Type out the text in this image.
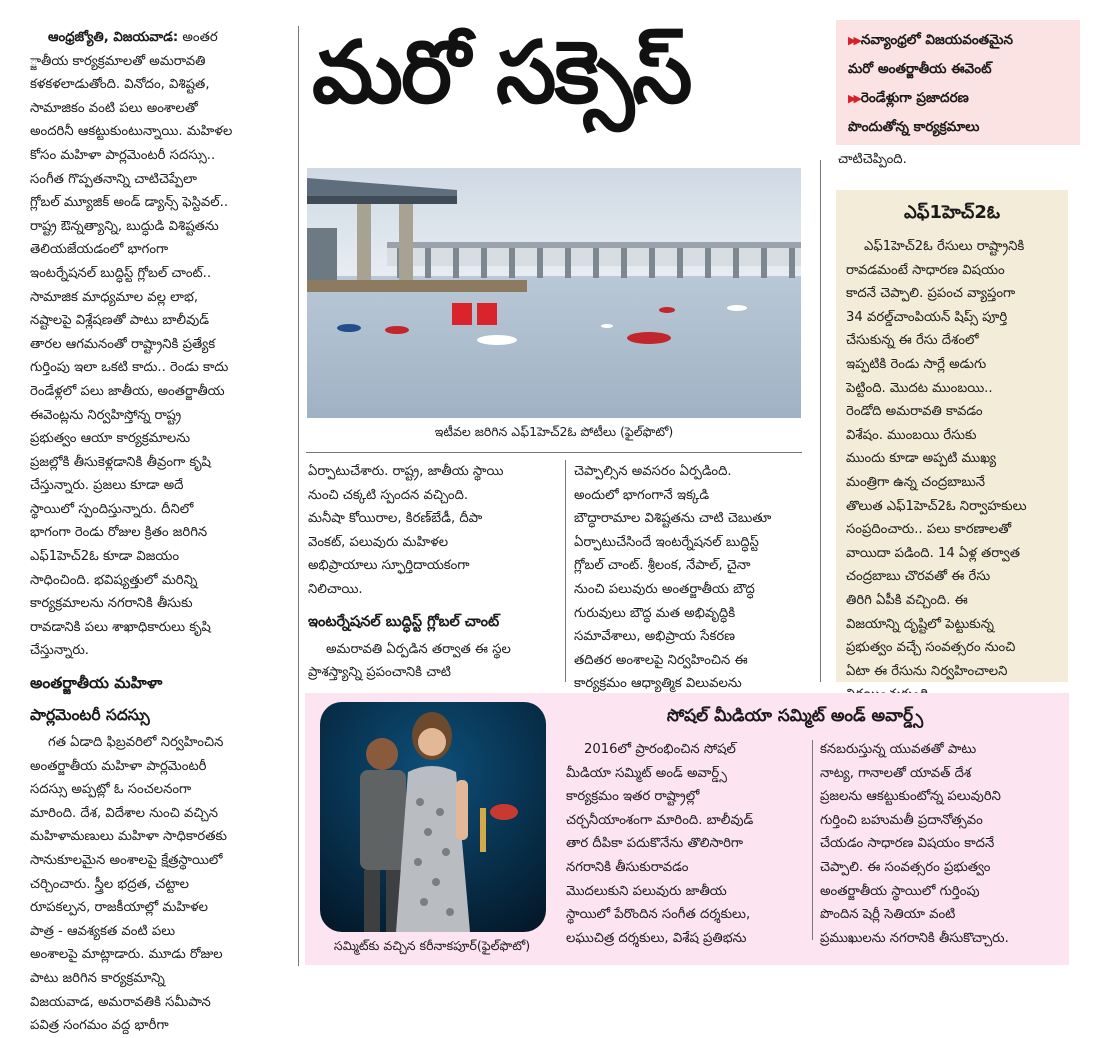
మరో సక్సెస్	▶▶ నవ్యాంధ్రలో విజయవంతమైన
మరో అంతర్జాతీయ ఈవెంట్
▶▶ రెండేళ్లుగా ప్రజాదరణ
పొందుతోన్న కార్యక్రమాలు
ఆంధ్రజ్యోతి, విజయవాడ: అంతర
్జాతీయ కార్యక్రమాలతో అమరావతి
కళకళలాడుతోంది. వినోదం, విశిష్టత,
సామాజికం వంటి పలు అంశాలతో
అందరినీ ఆకట్టుకుంటున్నాయి. మహిళల
కోసం మహిళా పార్లమెంటరీ సదస్సు..
సంగీత గొప్పతనాన్ని చాటిచెప్పేలా
గ్లోబల్ మ్యూజిక్ అండ్ డ్యాన్స్ ఫెస్టివల్..
రాష్ట్ర ఔన్నత్యాన్ని, బుద్ధుడి విశిష్టతను
తెలియజేయడంలో భాగంగా
ఇంటర్నేషనల్ బుద్ధిస్ట్ గ్లోబల్ చాంట్..
సామాజిక మాధ్యమాల వల్ల లాభ,
నష్టాలపై విశ్లేషణతో పాటు బాలీవుడ్
తారల ఆగమనంతో రాష్ట్రానికి ప్రత్యేక
గుర్తింపు ఇలా ఒకటి కాదు.. రెండు కాదు
రెండేళ్లలో పలు జాతీయ, అంతర్జాతీయ
ఈవెంట్లను నిర్వహిస్తోన్న రాష్ట్ర
ప్రభుత్వం ఆయా కార్యక్రమాలను
ప్రజల్లోకి తీసుకెళ్లడానికి తీవ్రంగా కృషి
చేస్తున్నారు. ప్రజలు కూడా అదే
స్థాయిలో స్పందిస్తున్నారు. దీనిలో
భాగంగా రెండు రోజుల క్రితం జరిగిన
ఎఫ్‌1హెచ్‌2ఓ కూడా విజయం
సాధించింది. భవిష్యత్తులో మరిన్ని
కార్యక్రమాలను నగరానికి తీసుకు
రావడానికి పలు శాఖాధికారులు కృషి
చేస్తున్నారు.
అంతర్జాతీయ మహిళా
పార్లమెంటరీ సదస్సు
గత ఏడాది ఫిబ్రవరిలో నిర్వహించిన
అంతర్జాతీయ మహిళా పార్లమెంటరీ
సదస్సు అప్పట్లో ఓ సంచలనంగా
మారింది. దేశ, విదేశాల నుంచి వచ్చిన
మహిళామణులు మహిళా సాధికారతకు
సానుకూలమైన అంశాలపై క్షేత్రస్థాయిలో
చర్చించారు. స్త్రీల భద్రత, చట్టాల
రూపకల్పన, రాజకీయాల్లో మహిళల
పాత్ర - ఆవశ్యకత వంటి పలు
అంశాలపై మాట్లాడారు. మూడు రోజుల
పాటు జరిగిన కార్యక్రమాన్ని
విజయవాడ, అమరావతికి సమీపాన
పవిత్ర సంగమం వద్ద భారీగా
ఇటీవల జరిగిన ఎఫ్‌1హెచ్‌2ఓ పోటీలు (ఫైల్‌ఫొటో)
ఏర్పాటుచేశారు. రాష్ట్ర, జాతీయ స్థాయి
నుంచి చక్కటి స్పందన వచ్చింది.
మనీషా కోయిరాల, కిరణ్‌బేడీ, దీపా
వెంకట్‌, పలువురు మహిళల
అభిప్రాయాలు స్ఫూర్తిదాయకంగా
నిలిచాయి.
ఇంటర్నేషనల్‌ బుద్ధిస్ట్‌ గ్లోబల్‌ చాంట్‌
అమరావతి ఏర్పడిన తర్వాత ఈ స్థల
ప్రాశస్త్యాన్ని ప్రపంచానికి చాటి
చెప్పాల్సిన అవసరం ఏర్పడింది.
అందులో భాగంగానే ఇక్కడి
బౌద్ధారామాల విశిష్టతను చాటి చెబుతూ
ఏర్పాటుచేసిందే ఇంటర్నేషనల్‌ బుద్ధిస్ట్‌
గ్లోబల్‌ చాంట్‌. శ్రీలంక, నేపాల్‌, చైనా
నుంచి పలువురు అంతర్జాతీయ బౌద్ధ
గురువులు బౌద్ధ మత అభివృద్ధికి
సమావేశాలు, అభిప్రాయ సేకరణ
తదితర అంశాలపై నిర్వహించిన ఈ
కార్యక్రమం ఆధ్యాత్మిక విలువలను
చాటిచెప్పింది.
ఎఫ్‌1హెచ్‌2ఓ
ఎఫ్‌1హెచ్‌2ఓ రేసులు రాష్ట్రానికి
రావడమంటే సాధారణ విషయం
కాదనే చెప్పాలి. ప్రపంచ వ్యాప్తంగా
34 వరల్డ్‌చాంపియన్‌ షిప్స్‌ పూర్తి
చేసుకున్న ఈ రేసు దేశంలో
ఇప్పటికి రెండు సార్లే అడుగు
పెట్టింది. మొదట ముంబయి..
రెండోది అమరావతి కావడం
విశేషం. ముంబయి రేసుకు
ముందు కూడా అప్పటి ముఖ్య
మంత్రిగా ఉన్న చంద్రబాబునే
తొలుత ఎఫ్‌1హెచ్‌2ఓ నిర్వాహకులు
సంప్రదించారు.. పలు కారణాలతో
వాయిదా పడింది. 14 ఏళ్ల తర్వాత
చంద్రబాబు చొరవతో ఈ రేసు
తిరిగి ఏపీకి వచ్చింది. ఈ
విజయాన్ని దృష్టిలో పెట్టుకున్న
ప్రభుత్వం వచ్చే సంవత్సరం నుంచి
ఏటా ఈ రేసును నిర్వహించాలని
సోషల్‌ మీడియా సమ్మిట్‌ అండ్‌ అవార్డ్స్‌
సమ్మిట్‌కు వచ్చిన కరీనాకపూర్‌(ఫైల్‌ఫొటో)
2016లో ప్రారంభించిన సోషల్‌
మీడియా సమ్మిట్‌ అండ్‌ అవార్డ్స్‌
కార్యక్రమం ఇతర రాష్ట్రాల్లో
చర్చనీయాంశంగా మారింది. బాలీవుడ్‌
తార దీపికా పదుకొనేను తొలిసారిగా
నగరానికి తీసుకురావడం
మొదలుకుని పలువురు జాతీయ
స్థాయిలో పేరొందిన సంగీత దర్శకులు,
లఘుచిత్ర దర్శకులు, విశేష ప్రతిభను
కనబరుస్తున్న యువతతో పాటు
నాట్య, గానాలతో యావత్‌ దేశ
ప్రజలను ఆకట్టుకుంటోన్న పలువురిని
గుర్తించి బహుమతీ ప్రదానోత్సవం
చేయడం సాధారణ విషయం కాదనే
చెప్పాలి. ఈ సంవత్సరం ప్రభుత్వం
అంతర్జాతీయ స్థాయిలో గుర్తింపు
పొందిన షెర్లీ సెతియా వంటి
ప్రముఖులను నగరానికి తీసుకొచ్చారు.
